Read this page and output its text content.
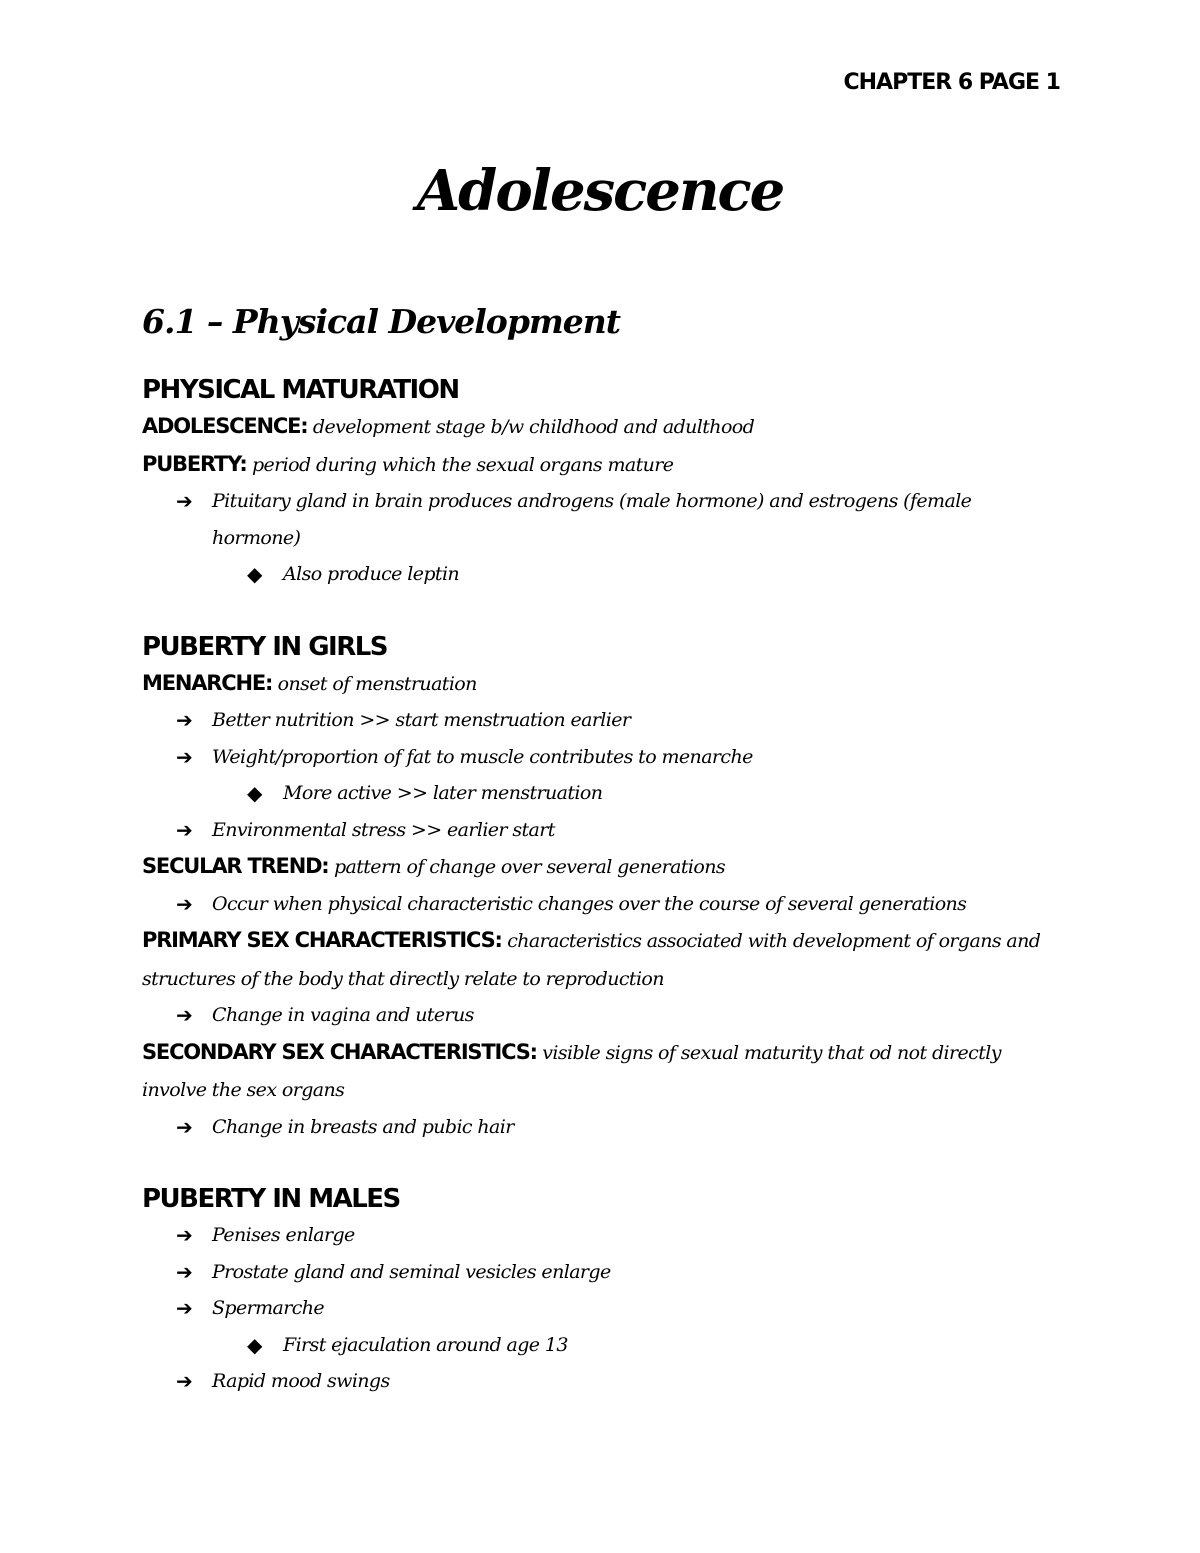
CHAPTER 6 PAGE 1
Adolescence
6.1 – Physical Development
PHYSICAL MATURATION
ADOLESCENCE: development stage b/w childhood and adulthood
PUBERTY: period during which the sexual organs mature
➔ Pituitary gland in brain produces androgens (male hormone) and estrogens (female hormone)
◆ Also produce leptin
PUBERTY IN GIRLS
MENARCHE: onset of menstruation
➔ Better nutrition >> start menstruation earlier
➔ Weight/proportion of fat to muscle contributes to menarche
◆ More active >> later menstruation
➔ Environmental stress >> earlier start
SECULAR TREND: pattern of change over several generations
➔ Occur when physical characteristic changes over the course of several generations
PRIMARY SEX CHARACTERISTICS: characteristics associated with development of organs and structures of the body that directly relate to reproduction
➔ Change in vagina and uterus
SECONDARY SEX CHARACTERISTICS: visible signs of sexual maturity that od not directly involve the sex organs
➔ Change in breasts and pubic hair
PUBERTY IN MALES
➔ Penises enlarge
➔ Prostate gland and seminal vesicles enlarge
➔ Spermarche
◆ First ejaculation around age 13
➔ Rapid mood swings
